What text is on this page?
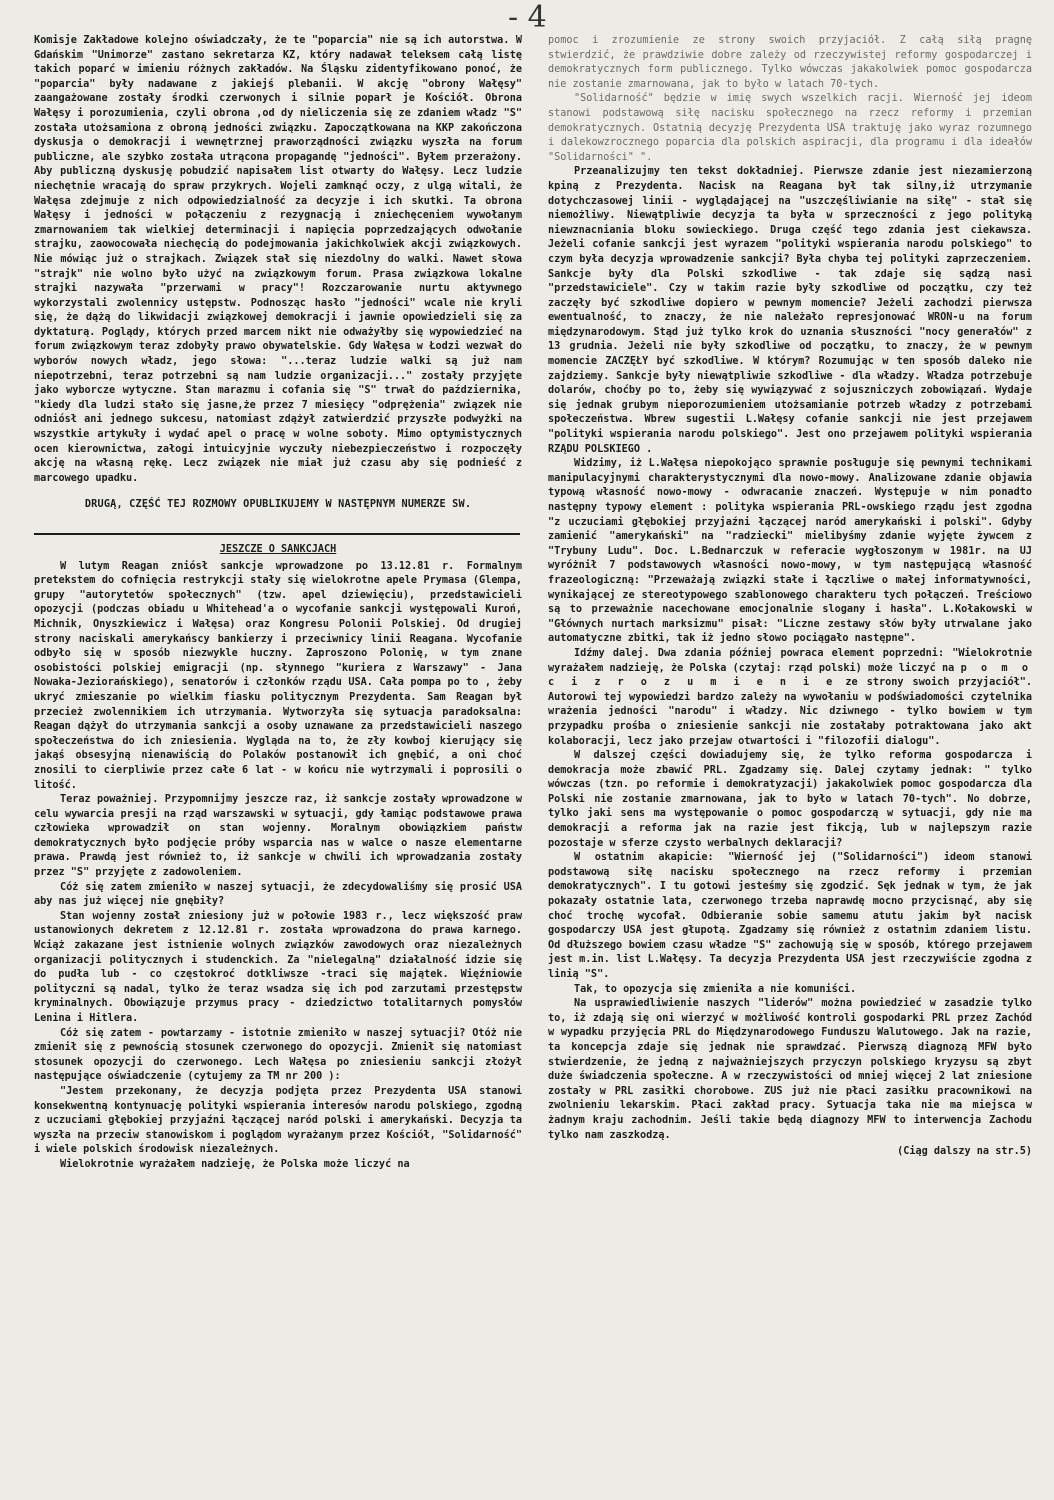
- 4

Komisje Zakładowe kolejno oświadczały, że te "poparcia" nie są ich autorstwa. W Gdańskim "Unimorze" zastano sekretarza KZ, który nadawał teleksem całą listę takich poparć w imieniu różnych zakładów. Na Śląsku zidentyfikowano ponoć, że "poparcia" były nadawane z jakiejś plebanii. W akcję "obrony Wałęsy" zaangażowane zostały środki czerwonych i silnie poparł je Kościół. Obrona Wałęsy i porozumienia, czyli obrona ,od dy nieliczenia się ze zdaniem władz "S" została utożsamiona z obroną jedności związku. Zapoczątkowana na KKP zakończona dyskusja o demokracji i wewnętrznej praworządności związku wyszła na forum publiczne, ale szybko została utrącona propagandę "jedności". Byłem przerażony. Aby publiczną dyskusję pobudzić napisałem list otwarty do Wałęsy. Lecz ludzie niechętnie wracają do spraw przykrych. Wojeli zamknąć oczy, z ulgą witali, że Wałęsa zdejmuje z nich odpowiedzialność za decyzje i ich skutki. Ta obrona Wałęsy i jedności w połączeniu z rezygnacją i zniechęceniem wywołanym zmarnowaniem tak wielkiej determinacji i napięcia poprzedzających odwołanie strajku, zaowocowała niechęcią do podejmowania jakichkolwiek akcji związkowych. Nie mówiąc już o strajkach. Związek stał się niezdolny do walki. Nawet słowa "strajk" nie wolno było użyć na związkowym forum. Prasa związkowa lokalne strajki nazywała "przerwami w pracy"! Rozczarowanie nurtu aktywnego wykorzystali zwolennicy ustępstw. Podnosząc hasło "jedności" wcale nie kryli się, że dążą do likwidacji związkowej demokracji i jawnie opowiedzieli się za dyktaturą. Poglądy, których przed marcem nikt nie odważyłby się wypowiedzieć na forum związkowym teraz zdobyły prawo obywatelskie. Gdy Wałęsa w Łodzi wezwał do wyborów nowych władz, jego słowa: "...teraz ludzie walki są już nam niepotrzebni, teraz potrzebni są nam ludzie organizacji..." zostały przyjęte jako wyborcze wytyczne. Stan marazmu i cofania się "S" trwał do października, "kiedy dla ludzi stało się jasne,że przez 7 miesięcy "odprężenia" związek nie odniósł ani jednego sukcesu, natomiast zdążył zatwierdzić przyszłe podwyżki na wszystkie artykuły i wydać apel o pracę w wolne soboty. Mimo optymistycznych ocen kierownictwa, załogi intuicyjnie wyczuły niebezpieczeństwo i rozpoczęły akcję na własną rękę. Lecz związek nie miał już czasu aby się podnieść z marcowego upadku.

DRUGĄ, CZĘŚĆ TEJ ROZMOWY OPUBLIKUJEMY W NASTĘPNYM NUMERZE SW.
JESZCZE O SANKCJACH

W lutym Reagan zniósł sankcje wprowadzone po 13.12.81 r. Formalnym pretekstem do cofnięcia restrykcji stały się wielokrotne apele Prymasa (Glempa, grupy "autorytetów społecznych" (tzw. apel dziewięciu), przedstawicieli opozycji (podczas obiadu u Whitehead'a o wycofanie sankcji występowali Kuroń, Michnik, Onyszkiewicz i Wałęsa) oraz Kongresu Polonii Polskiej. Od drugiej strony naciskali amerykańscy bankierzy i przeciwnicy linii Reagana. Wycofanie odbyło się w sposób niezwykle huczny. Zaproszono Polonię, w tym znane osobistości polskiej emigracji (np. słynnego "kuriera z Warszawy" - Jana Nowaka-Jeziorańskiego), senatorów i członków rządu USA. Cała pompa po to , żeby ukryć zmieszanie po wielkim fiasku politycznym Prezydenta. Sam Reagan był przecież zwolennikiem ich utrzymania. Wytworzyła się sytuacja paradoksalna: Reagan dążył do utrzymania sankcji a osoby uznawane za przedstawicieli naszego społeczeństwa do ich zniesienia. Wygląda na to, że zły kowboj kierujący się jakąś obsesyjną nienawiścią do Polaków postanowił ich gnębić, a oni choć znosili to cierpliwie przez całe 6 lat - w końcu nie wytrzymali i poprosili o litość.

Teraz poważniej. Przypomnijmy jeszcze raz, iż sankcje zostały wprowadzone w celu wywarcia presji na rząd warszawski w sytuacji, gdy łamiąc podstawowe prawa człowieka wprowadził on stan wojenny. Moralnym obowiązkiem państw demokratycznych było podjęcie próby wsparcia nas w walce o nasze elementarne prawa. Prawdą jest również to, iż sankcje w chwili ich wprowadzania zostały przez "S" przyjęte z zadowoleniem.

Cóż się zatem zmieniło w naszej sytuacji, że zdecydowaliśmy się prosić USA aby nas już więcej nie gnębiły?

Stan wojenny został zniesiony już w połowie 1983 r., lecz większość praw ustanowionych dekretem z 12.12.81 r. została wprowadzona do prawa karnego. Wciąż zakazane jest istnienie wolnych związków zawodowych oraz niezależnych organizacji politycznych i studenckich. Za "nielegalną" działalność idzie się do pudła lub - co częstokroć dotkliwsze -traci się majątek. Więźniowie polityczni są nadal, tylko że teraz wsadza się ich pod zarzutami przestępstw kryminalnych. Obowiązuje przymus pracy - dziedzictwo totalitarnych pomysłów Lenina i Hitlera.

Cóż się zatem - powtarzamy - istotnie zmieniło w naszej sytuacji? Otóż nie zmienił się z pewnością stosunek czerwonego do opozycji. Zmienił się natomiast stosunek opozycji do czerwonego. Lech Wałęsa po zniesieniu sankcji złożył następujące oświadczenie (cytujemy za TM nr 200 ):

"Jestem przekonany, że decyzja podjęta przez Prezydenta USA stanowi konsekwentną kontynuację polityki wspierania interesów narodu polskiego, zgodną z uczuciami głębokiej przyjaźni łączącej naród polski i amerykański. Decyzja ta wyszła na przeciw stanowiskom i poglądom wyrażanym przez Kościół, "Solidarność" i wiele polskich środowisk niezależnych.

Wielokrotnie wyrażałem nadzieję, że Polska może liczyć na

pomoc i zrozumienie ze strony swoich przyjaciół. Z całą siłą pragnę stwierdzić, że prawdziwie dobre zależy od rzeczywistej reformy gospodarczej i demokratycznych form publicznego. Tylko wówczas jakakolwiek pomoc gospodarcza nie zostanie zmarnowana, jak to było w latach 70-tych.

"Solidarność" będzie w imię swych wszelkich racji. Wierność jej ideom stanowi podstawową siłę nacisku społecznego na rzecz reformy i przemian demokratycznych. Ostatnią decyzję Prezydenta USA traktuję jako wyraz rozumnego i dalekowzrocznego poparcia dla polskich aspiracji, dla programu i dla ideałów "Solidarności" ".

Przeanalizujmy ten tekst dokładniej. Pierwsze zdanie jest niezamierzoną kpiną z Prezydenta. Nacisk na Reagana był tak silny,iż utrzymanie dotychczasowej linii - wyglądającej na "uszczęśliwianie na siłę" - stał się niemożliwy. Niewątpliwie decyzja ta była w sprzeczności z jego polityką niewznacniania bloku sowieckiego. Druga część tego zdania jest ciekawsza. Jeżeli cofanie sankcji jest wyrazem "polityki wspierania narodu polskiego" to czym była decyzja wprowadzenie sankcji? Była chyba tej polityki zaprzeczeniem. Sankcje były dla Polski szkodliwe - tak zdaje się sądzą nasi "przedstawiciele". Czy w takim razie były szkodliwe od początku, czy też zaczęły być szkodliwe dopiero w pewnym momencie? Jeżeli zachodzi pierwsza ewentualność, to znaczy, że nie należało represjonować WRON-u na forum międzynarodowym. Stąd już tylko krok do uznania słuszności "nocy generałów" z 13 grudnia. Jeżeli nie były szkodliwe od początku, to znaczy, że w pewnym momencie ZACZĘŁY być szkodliwe. W którym? Rozumując w ten sposób daleko nie zajdziemy. Sankcje były niewątpliwie szkodliwe - dla władzy. Władza potrzebuje dolarów, choćby po to, żeby się wywiązywać z sojuszniczych zobowiązań. Wydaje się jednak grubym nieporozumieniem utożsamianie potrzeb władzy z potrzebami społeczeństwa. Wbrew sugestii L.Wałęsy cofanie sankcji nie jest przejawem "polityki wspierania narodu polskiego". Jest ono przejawem polityki wspierania RZĄDU POLSKIEGO .

Widzimy, iż L.Wałęsa niepokojąco sprawnie posługuje się pewnymi technikami manipulacyjnymi charakterystycznymi dla nowo-mowy. Analizowane zdanie objawia typową własność nowo-mowy - odwracanie znaczeń. Występuje w nim ponadto następny typowy element : polityka wspierania PRL-owskiego rządu jest zgodna "z uczuciami głębokiej przyjaźni łączącej naród amerykański i polski". Gdyby zamienić "amerykański" na "radziecki" mielibyśmy zdanie wyjęte żywcem z "Trybuny Ludu". Doc. L.Bednarczuk w referacie wygłoszonym w 1981r. na UJ wyróżnił 7 podstawowych własności nowo-mowy, w tym następującą własność frazeologiczną: "Przeważają związki stałe i łączliwe o małej informatywności, wynikającej ze stereotypowego szablonowego charakteru tych połączeń. Treściowo są to przeważnie nacechowane emocjonalnie slogany i hasła". L.Kołakowski w "Głównych nurtach marksizmu" pisał: "Liczne zestawy słów były utrwalane jako automatyczne zbitki, tak iż jedno słowo pociągało następne".

Idźmy dalej. Dwa zdania później powraca element poprzedni: "Wielokrotnie wyrażałem nadzieję, że Polska (czytaj: rząd polski) może liczyć na p o m o c i z r o z u m i e n i e ze strony swoich przyjaciół". Autorowi tej wypowiedzi bardzo zależy na wywołaniu w podświadomości czytelnika wrażenia jedności "narodu" i władzy. Nic dziwnego - tylko bowiem w tym przypadku prośba o zniesienie sankcji nie zostałaby potraktowana jako akt kolaboracji, lecz jako przejaw otwartości i "filozofii dialogu".

W dalszej części dowiadujemy się, że tylko reforma gospodarcza i demokracja może zbawić PRL. Zgadzamy się. Dalej czytamy jednak: " tylko wówczas (tzn. po reformie i demokratyzacji) jakakolwiek pomoc gospodarcza dla Polski nie zostanie zmarnowana, jak to było w latach 70-tych". No dobrze, tylko jaki sens ma występowanie o pomoc gospodarczą w sytuacji, gdy nie ma demokracji a reforma jak na razie jest fikcją, lub w najlepszym razie pozostaje w sferze czysto werbalnych deklaracji?

W ostatnim akapicie: "Wierność jej ("Solidarności") ideom stanowi podstawową siłę nacisku społecznego na rzecz reformy i przemian demokratycznych". I tu gotowi jesteśmy się zgodzić. Sęk jednak w tym, że jak pokazały ostatnie lata, czerwonego trzeba naprawdę mocno przycisnąć, aby się choć trochę wycofał. Odbieranie sobie samemu atutu jakim był nacisk gospodarczy USA jest głupotą. Zgadzamy się również z ostatnim zdaniem listu. Od dłuższego bowiem czasu władze "S" zachowują się w sposób, którego przejawem jest m.in. list L.Wałęsy. Ta decyzja Prezydenta USA jest rzeczywiście zgodna z linią "S".

Tak, to opozycja się zmieniła a nie komuniści.

Na usprawiedliwienie naszych "liderów" można powiedzieć w zasadzie tylko to, iż zdają się oni wierzyć w możliwość kontroli gospodarki PRL przez Zachód w wypadku przyjęcia PRL do Międzynarodowego Funduszu Walutowego. Jak na razie, ta koncepcja zdaje się jednak nie sprawdzać. Pierwszą diagnozą MFW było stwierdzenie, że jedną z najważniejszych przyczyn polskiego kryzysu są zbyt duże świadczenia społeczne. A w rzeczywistości od mniej więcej 2 lat zniesione zostały w PRL zasiłki chorobowe. ZUS już nie płaci zasiłku pracownikowi na zwolnieniu lekarskim. Płaci zakład pracy. Sytuacja taka nie ma miejsca w żadnym kraju zachodnim. Jeśli takie będą diagnozy MFW to interwencja Zachodu tylko nam zaszkodzą.

(Ciąg dalszy na str.5)
